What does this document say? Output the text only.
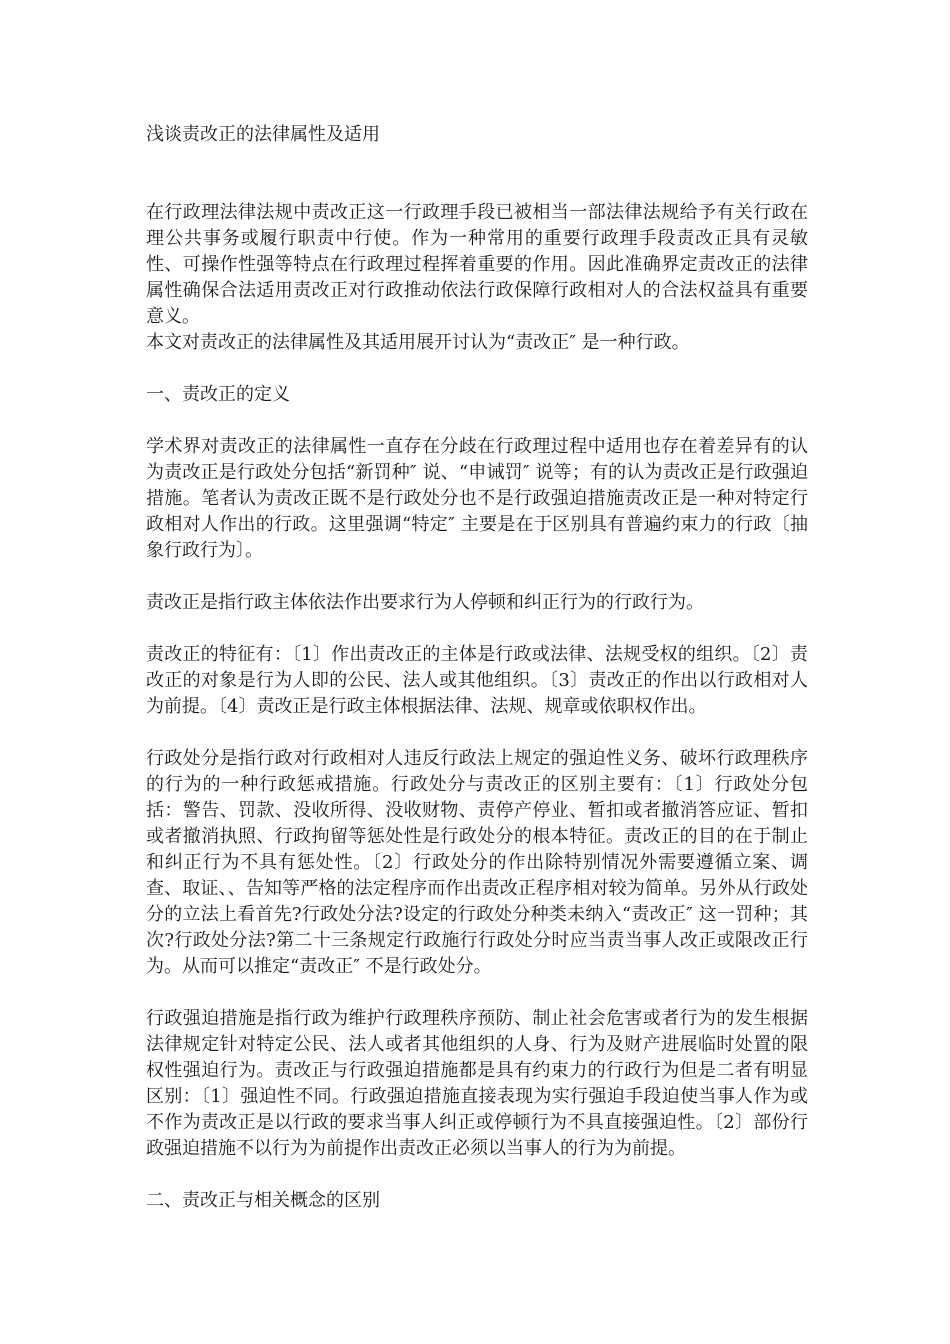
浅谈责改正的法律属性及适用

在行政理法律法规中责改正这一行政理手段已被相当一部法律法规给予有关行政在理公共事务或履行职责中行使。作为一种常用的重要行政理手段责改正具有灵敏性、可操作性强等特点在行政理过程挥着重要的作用。因此准确界定责改正的法律属性确保合法适用责改正对行政推动依法行政保障行政相对人的合法权益具有重要意义。

本文对责改正的法律属性及其适用展开讨认为“责改正″ 是一种行政。

一、责改正的定义

学术界对责改正的法律属性一直存在分歧在行政理过程中适用也存在着差异有的认为责改正是行政处分包括“新罚种″ 说、“申诫罚″ 说等；有的认为责改正是行政强迫措施。笔者认为责改正既不是行政处分也不是行政强迫措施责改正是一种对特定行政相对人作出的行政。这里强调“特定″ 主要是在于区别具有普遍约束力的行政〔抽象行政行为〕。

责改正是指行政主体依法作出要求行为人停顿和纠正行为的行政行为。

责改正的特征有：〔1〕作出责改正的主体是行政或法律、法规受权的组织。〔2〕责改正的对象是行为人即的公民、法人或其他组织。〔3〕责改正的作出以行政相对人为前提。〔4〕责改正是行政主体根据法律、法规、规章或依职权作出。

行政处分是指行政对行政相对人违反行政法上规定的强迫性义务、破坏行政理秩序的行为的一种行政惩戒措施。行政处分与责改正的区别主要有：〔1〕行政处分包括：警告、罚款、没收所得、没收财物、责停产停业、暂扣或者撤消答应证、暂扣或者撤消执照、行政拘留等惩处性是行政处分的根本特征。责改正的目的在于制止和纠正行为不具有惩处性。〔2〕行政处分的作出除特别情况外需要遵循立案、调查、取证、、告知等严格的法定程序而作出责改正程序相对较为简单。另外从行政处分的立法上看首先?行政处分法?设定的行政处分种类未纳入“责改正″ 这一罚种；其次?行政处分法?第二十三条规定行政施行行政处分时应当责当事人改正或限改正行为。从而可以推定“责改正″ 不是行政处分。

行政强迫措施是指行政为维护行政理秩序预防、制止社会危害或者行为的发生根据法律规定针对特定公民、法人或者其他组织的人身、行为及财产进展临时处置的限权性强迫行为。责改正与行政强迫措施都是具有约束力的行政行为但是二者有明显区别：〔1〕强迫性不同。行政强迫措施直接表现为实行强迫手段迫使当事人作为或不作为责改正是以行政的要求当事人纠正或停顿行为不具直接强迫性。〔2〕部份行政强迫措施不以行为为前提作出责改正必须以当事人的行为为前提。

二、责改正与相关概念的区别
